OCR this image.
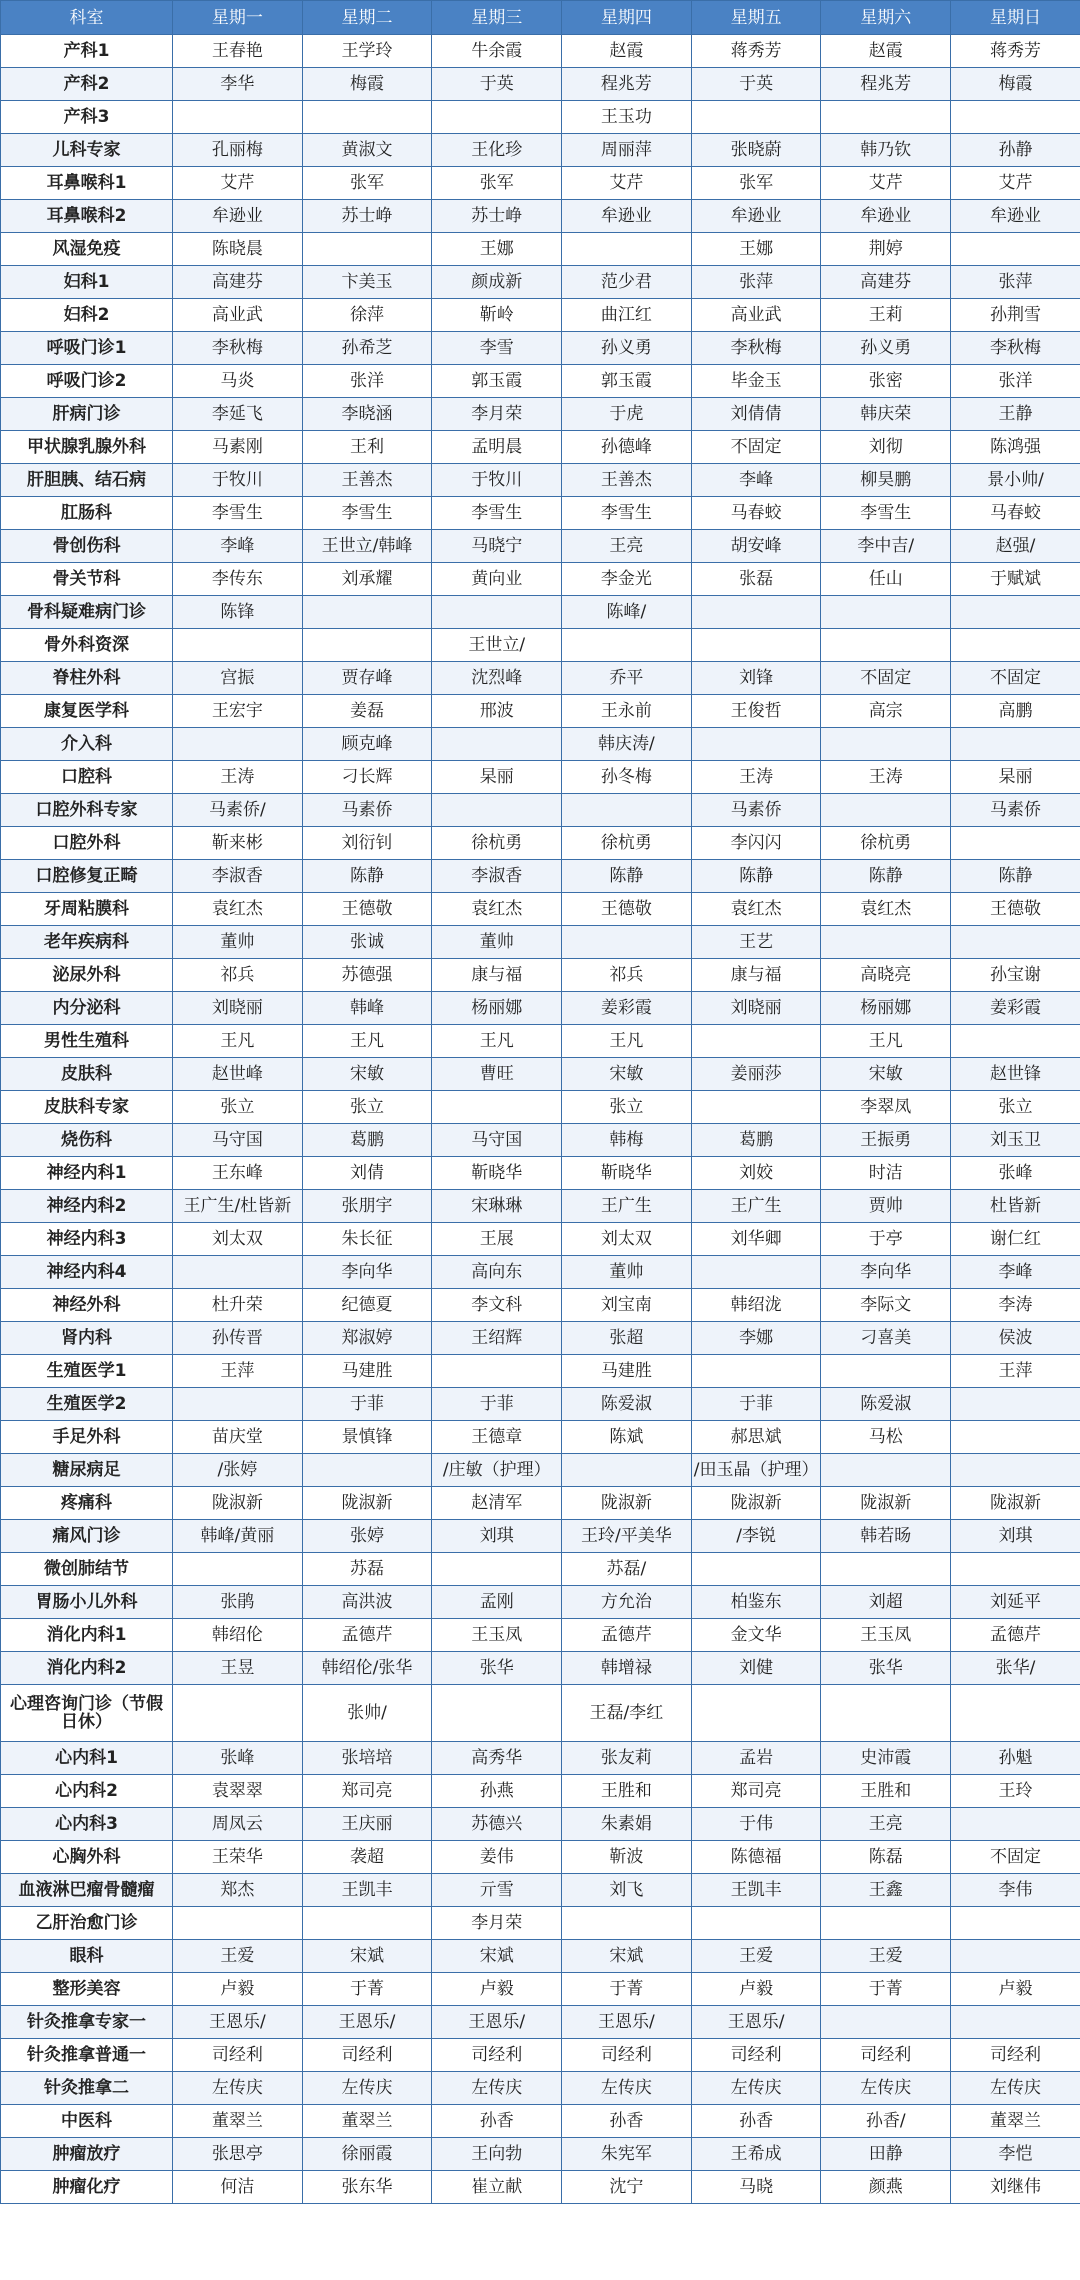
科室	星期一	星期二	星期三	星期四	星期五	星期六	星期日
产科1	王春艳	王学玲	牛余霞	赵霞	蒋秀芳	赵霞	蒋秀芳
产科2	李华	梅霞	于英	程兆芳	于英	程兆芳	梅霞
产科3				王玉功			
儿科专家	孔丽梅	黄淑文	王化珍	周丽萍	张晓蔚	韩乃钦	孙静
耳鼻喉科1	艾芹	张军	张军	艾芹	张军	艾芹	艾芹
耳鼻喉科2	牟逊业	苏士峥	苏士峥	牟逊业	牟逊业	牟逊业	牟逊业
风湿免疫	陈晓晨		王娜		王娜	荆婷	
妇科1	高建芬	卞美玉	颜成新	范少君	张萍	高建芬	张萍
妇科2	高业武	徐萍	靳岭	曲江红	高业武	王莉	孙荆雪
呼吸门诊1	李秋梅	孙希芝	李雪	孙义勇	李秋梅	孙义勇	李秋梅
呼吸门诊2	马炎	张洋	郭玉霞	郭玉霞	毕金玉	张密	张洋
肝病门诊	李延飞	李晓涵	李月荣	于虎	刘倩倩	韩庆荣	王静
甲状腺乳腺外科	马素刚	王利	孟明晨	孙德峰	不固定	刘彻	陈鸿强
肝胆胰、结石病	于牧川	王善杰	于牧川	王善杰	李峰	柳昊鹏	景小帅/
肛肠科	李雪生	李雪生	李雪生	李雪生	马春蛟	李雪生	马春蛟
骨创伤科	李峰	王世立/韩峰	马晓宁	王亮	胡安峰	李中吉/	赵强/
骨关节科	李传东	刘承耀	黄向业	李金光	张磊	任山	于赋斌
骨科疑难病门诊	陈锋			陈峰/			
骨外科资深			王世立/				
脊柱外科	宫振	贾存峰	沈烈峰	乔平	刘锋	不固定	不固定
康复医学科	王宏宇	姜磊	邢波	王永前	王俊哲	高宗	高鹏
介入科		顾克峰		韩庆涛/			
口腔科	王涛	刁长辉	杲丽	孙冬梅	王涛	王涛	杲丽
口腔外科专家	马素侨/	马素侨			马素侨		马素侨
口腔外科	靳来彬	刘衍钊	徐杭勇	徐杭勇	李闪闪	徐杭勇	
口腔修复正畸	李淑香	陈静	李淑香	陈静	陈静	陈静	陈静
牙周粘膜科	袁红杰	王德敬	袁红杰	王德敬	袁红杰	袁红杰	王德敬
老年疾病科	董帅	张诚	董帅		王艺		
泌尿外科	祁兵	苏德强	康与福	祁兵	康与福	高晓亮	孙宝谢
内分泌科	刘晓丽	韩峰	杨丽娜	姜彩霞	刘晓丽	杨丽娜	姜彩霞
男性生殖科	王凡	王凡	王凡	王凡		王凡	
皮肤科	赵世峰	宋敏	曹旺	宋敏	姜丽莎	宋敏	赵世锋
皮肤科专家	张立	张立		张立		李翠凤	张立
烧伤科	马守国	葛鹏	马守国	韩梅	葛鹏	王振勇	刘玉卫
神经内科1	王东峰	刘倩	靳晓华	靳晓华	刘姣	时洁	张峰
神经内科2	王广生/杜皆新	张朋宇	宋琳琳	王广生	王广生	贾帅	杜皆新
神经内科3	刘太双	朱长征	王展	刘太双	刘华卿	于亭	谢仁红
神经内科4		李向华	高向东	董帅		李向华	李峰
神经外科	杜升荣	纪德夏	李文科	刘宝南	韩绍泷	李际文	李涛
肾内科	孙传晋	郑淑婷	王绍辉	张超	李娜	刁喜美	侯波
生殖医学1	王萍	马建胜		马建胜			王萍
生殖医学2		于菲	于菲	陈爱淑	于菲	陈爱淑	
手足外科	苗庆堂	景慎锋	王德章	陈斌	郝思斌	马松	
糖尿病足	/张婷		/庄敏（护理）		/田玉晶（护理）		
疼痛科	陇淑新	陇淑新	赵清军	陇淑新	陇淑新	陇淑新	陇淑新
痛风门诊	韩峰/黄丽	张婷	刘琪	王玲/平美华	/李锐	韩若旸	刘琪
微创肺结节		苏磊		苏磊/			
胃肠小儿外科	张鹃	高洪波	孟刚	方允治	柏鉴东	刘超	刘延平
消化内科1	韩绍伦	孟德芹	王玉凤	孟德芹	金文华	王玉凤	孟德芹
消化内科2	王昱	韩绍伦/张华	张华	韩增禄	刘健	张华	张华/
心理咨询门诊（节假日休）		张帅/		王磊/李红			
心内科1	张峰	张培培	高秀华	张友莉	孟岩	史沛霞	孙魁
心内科2	袁翠翠	郑司亮	孙燕	王胜和	郑司亮	王胜和	王玲
心内科3	周凤云	王庆丽	苏德兴	朱素娟	于伟	王亮	
心胸外科	王荣华	袭超	姜伟	靳波	陈德福	陈磊	不固定
血液淋巴瘤骨髓瘤	郑杰	王凯丰	亓雪	刘飞	王凯丰	王鑫	李伟
乙肝治愈门诊			李月荣				
眼科	王爱	宋斌	宋斌	宋斌	王爱	王爱	
整形美容	卢毅	于菁	卢毅	于菁	卢毅	于菁	卢毅
针灸推拿专家一	王恩乐/	王恩乐/	王恩乐/	王恩乐/	王恩乐/		
针灸推拿普通一	司经利	司经利	司经利	司经利	司经利	司经利	司经利
针灸推拿二	左传庆	左传庆	左传庆	左传庆	左传庆	左传庆	左传庆
中医科	董翠兰	董翠兰	孙香	孙香	孙香	孙香/	董翠兰
肿瘤放疗	张思亭	徐丽霞	王向勃	朱宪军	王希成	田静	李恺
肿瘤化疗	何洁	张东华	崔立献	沈宁	马晓	颜燕	刘继伟
